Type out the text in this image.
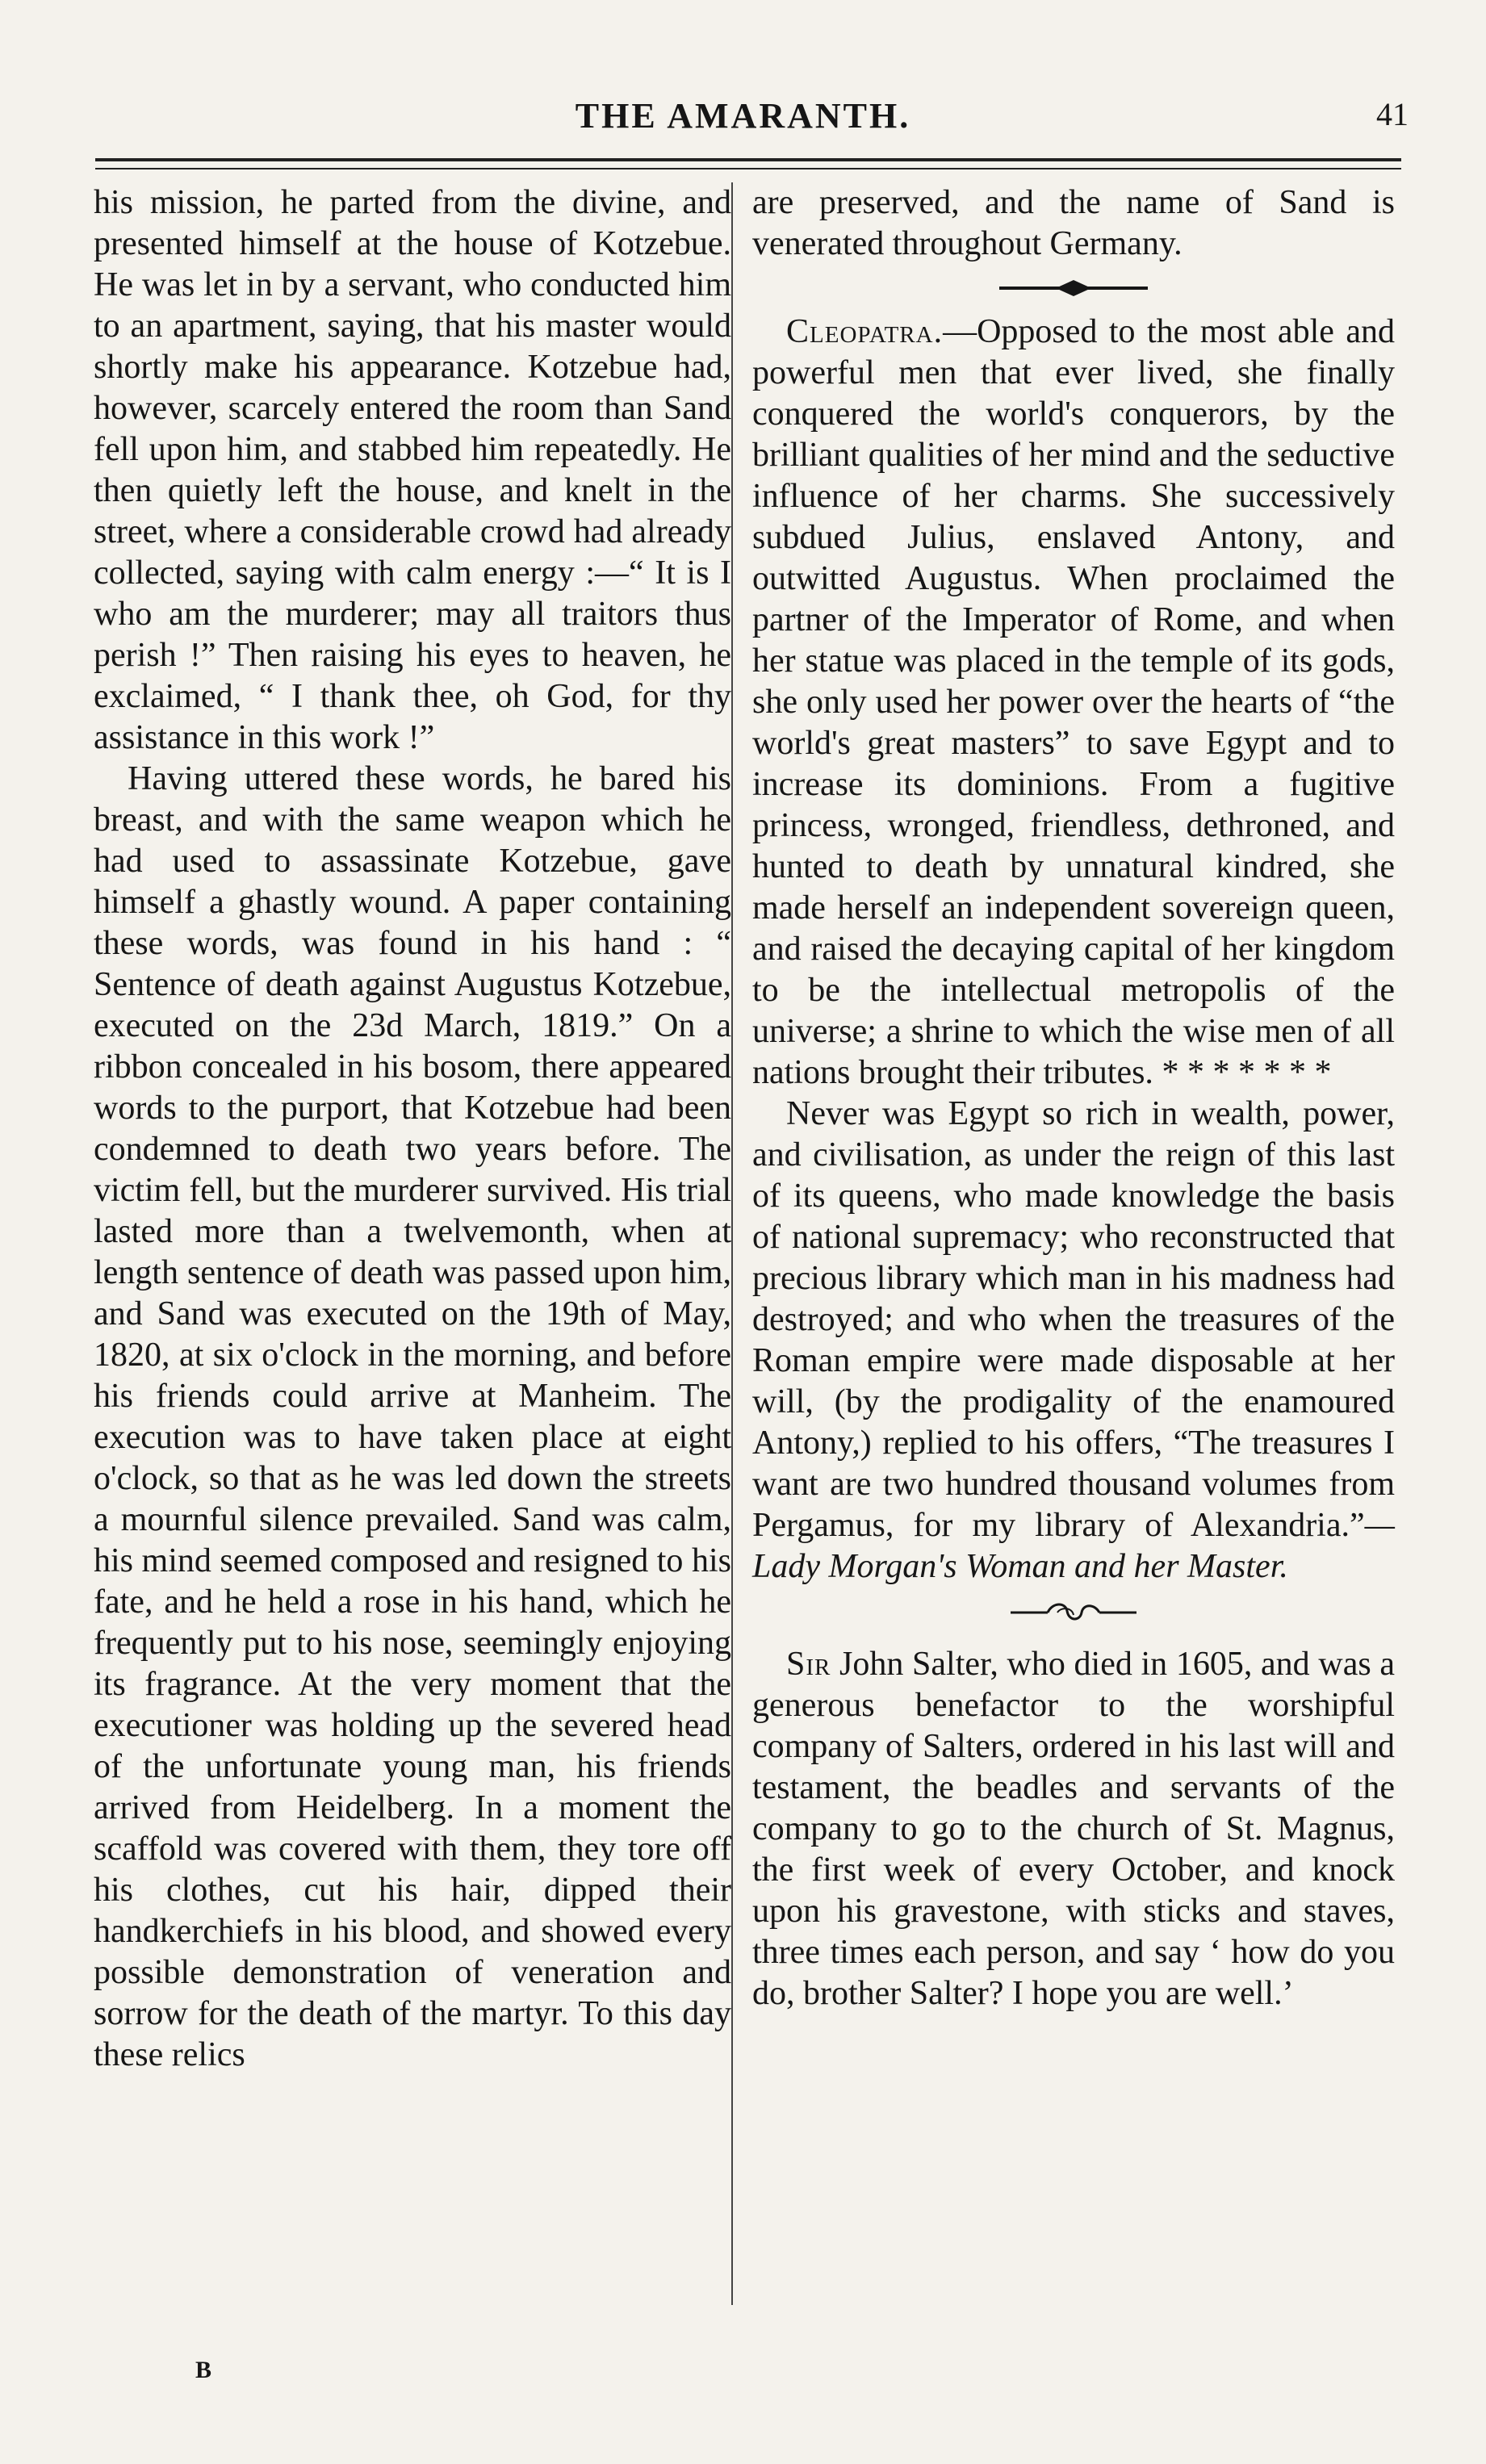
THE AMARANTH.	41

his mission, he parted from the divine, and presented himself at the house of Kotzebue. He was let in by a servant, who conducted him to an apartment, saying, that his master would shortly make his appearance. Kotzebue had, however, scarcely entered the room than Sand fell upon him, and stabbed him repeatedly. He then quietly left the house, and knelt in the street, where a considerable crowd had already collected, saying with calm energy :—“ It is I who am the murderer; may all traitors thus perish !” Then raising his eyes to heaven, he exclaimed, “ I thank thee, oh God, for thy assistance in this work !”

Having uttered these words, he bared his breast, and with the same weapon which he had used to assassinate Kotzebue, gave himself a ghastly wound. A paper containing these words, was found in his hand : “ Sentence of death against Augustus Kotzebue, executed on the 23d March, 1819.” On a ribbon concealed in his bosom, there appeared words to the purport, that Kotzebue had been condemned to death two years before. The victim fell, but the murderer survived. His trial lasted more than a twelvemonth, when at length sentence of death was passed upon him, and Sand was executed on the 19th of May, 1820, at six o'clock in the morning, and before his friends could arrive at Manheim. The execution was to have taken place at eight o'clock, so that as he was led down the streets a mournful silence prevailed. Sand was calm, his mind seemed composed and resigned to his fate, and he held a rose in his hand, which he frequently put to his nose, seemingly enjoying its fragrance. At the very moment that the executioner was holding up the severed head of the unfortunate young man, his friends arrived from Heidelberg. In a moment the scaffold was covered with them, they tore off his clothes, cut his hair, dipped their handkerchiefs in his blood, and showed every possible demonstration of veneration and sorrow for the death of the martyr. To this day these relics

are preserved, and the name of Sand is venerated throughout Germany.

Cleopatra.—Opposed to the most able and powerful men that ever lived, she finally conquered the world's conquerors, by the brilliant qualities of her mind and the seductive influence of her charms. She successively subdued Julius, enslaved Antony, and outwitted Augustus. When proclaimed the partner of the Imperator of Rome, and when her statue was placed in the temple of its gods, she only used her power over the hearts of “the world's great masters” to save Egypt and to increase its dominions. From a fugitive princess, wronged, friendless, dethroned, and hunted to death by unnatural kindred, she made herself an independent sovereign queen, and raised the decaying capital of her kingdom to be the intellectual metropolis of the universe; a shrine to which the wise men of all nations brought their tributes. * * * * * * *

Never was Egypt so rich in wealth, power, and civilisation, as under the reign of this last of its queens, who made knowledge the basis of national supremacy; who reconstructed that precious library which man in his madness had destroyed; and who when the treasures of the Roman empire were made disposable at her will, (by the prodigality of the enamoured Antony,) replied to his offers, “The treasures I want are two hundred thousand volumes from Pergamus, for my library of Alexandria.”—Lady Morgan's Woman and her Master.

Sir John Salter, who died in 1605, and was a generous benefactor to the worshipful company of Salters, ordered in his last will and testament, the beadles and servants of the company to go to the church of St. Magnus, the first week of every October, and knock upon his gravestone, with sticks and staves, three times each person, and say ‘ how do you do, brother Salter? I hope you are well.’

B
